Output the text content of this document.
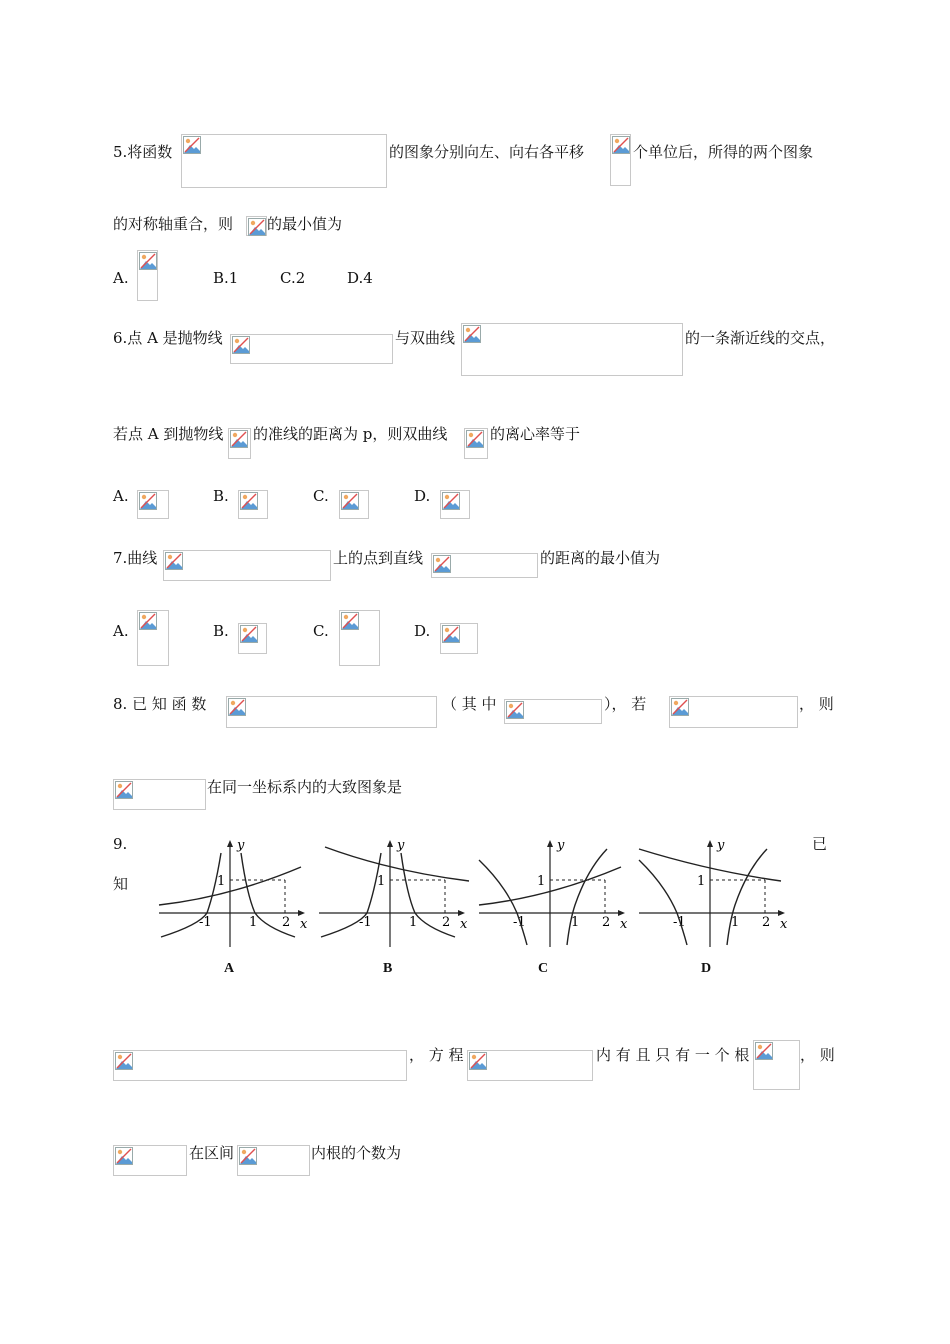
5.将函数	的图象分别向左、向右各平移	个单位后，所得的两个图象
的对称轴重合，则 的最小值为
A.	B.1	C.2	D.4
6.点 A 是抛物线	与双曲线	的一条渐近线的交点，
若点 A 到抛物线 的准线的距离为 p，则双曲线	的离心率等于
A.	B.	C.	D.
7.曲线	上的点到直线	的距离的最小值为
A.	B.	C.	D.
8. 已 知 函 数	（ 其 中	）， 若	， 则
在同一坐标系内的大致图象是
9.	已
知
y
x
-1	1 2
1
A
y
x
-1	1 2
1
B
y
x
-1	1 2
1
C
y
x
-1	1 2
1
D
， 方 程	内 有 且 只 有 一 个 根	， 则
在区间	内根的个数为
